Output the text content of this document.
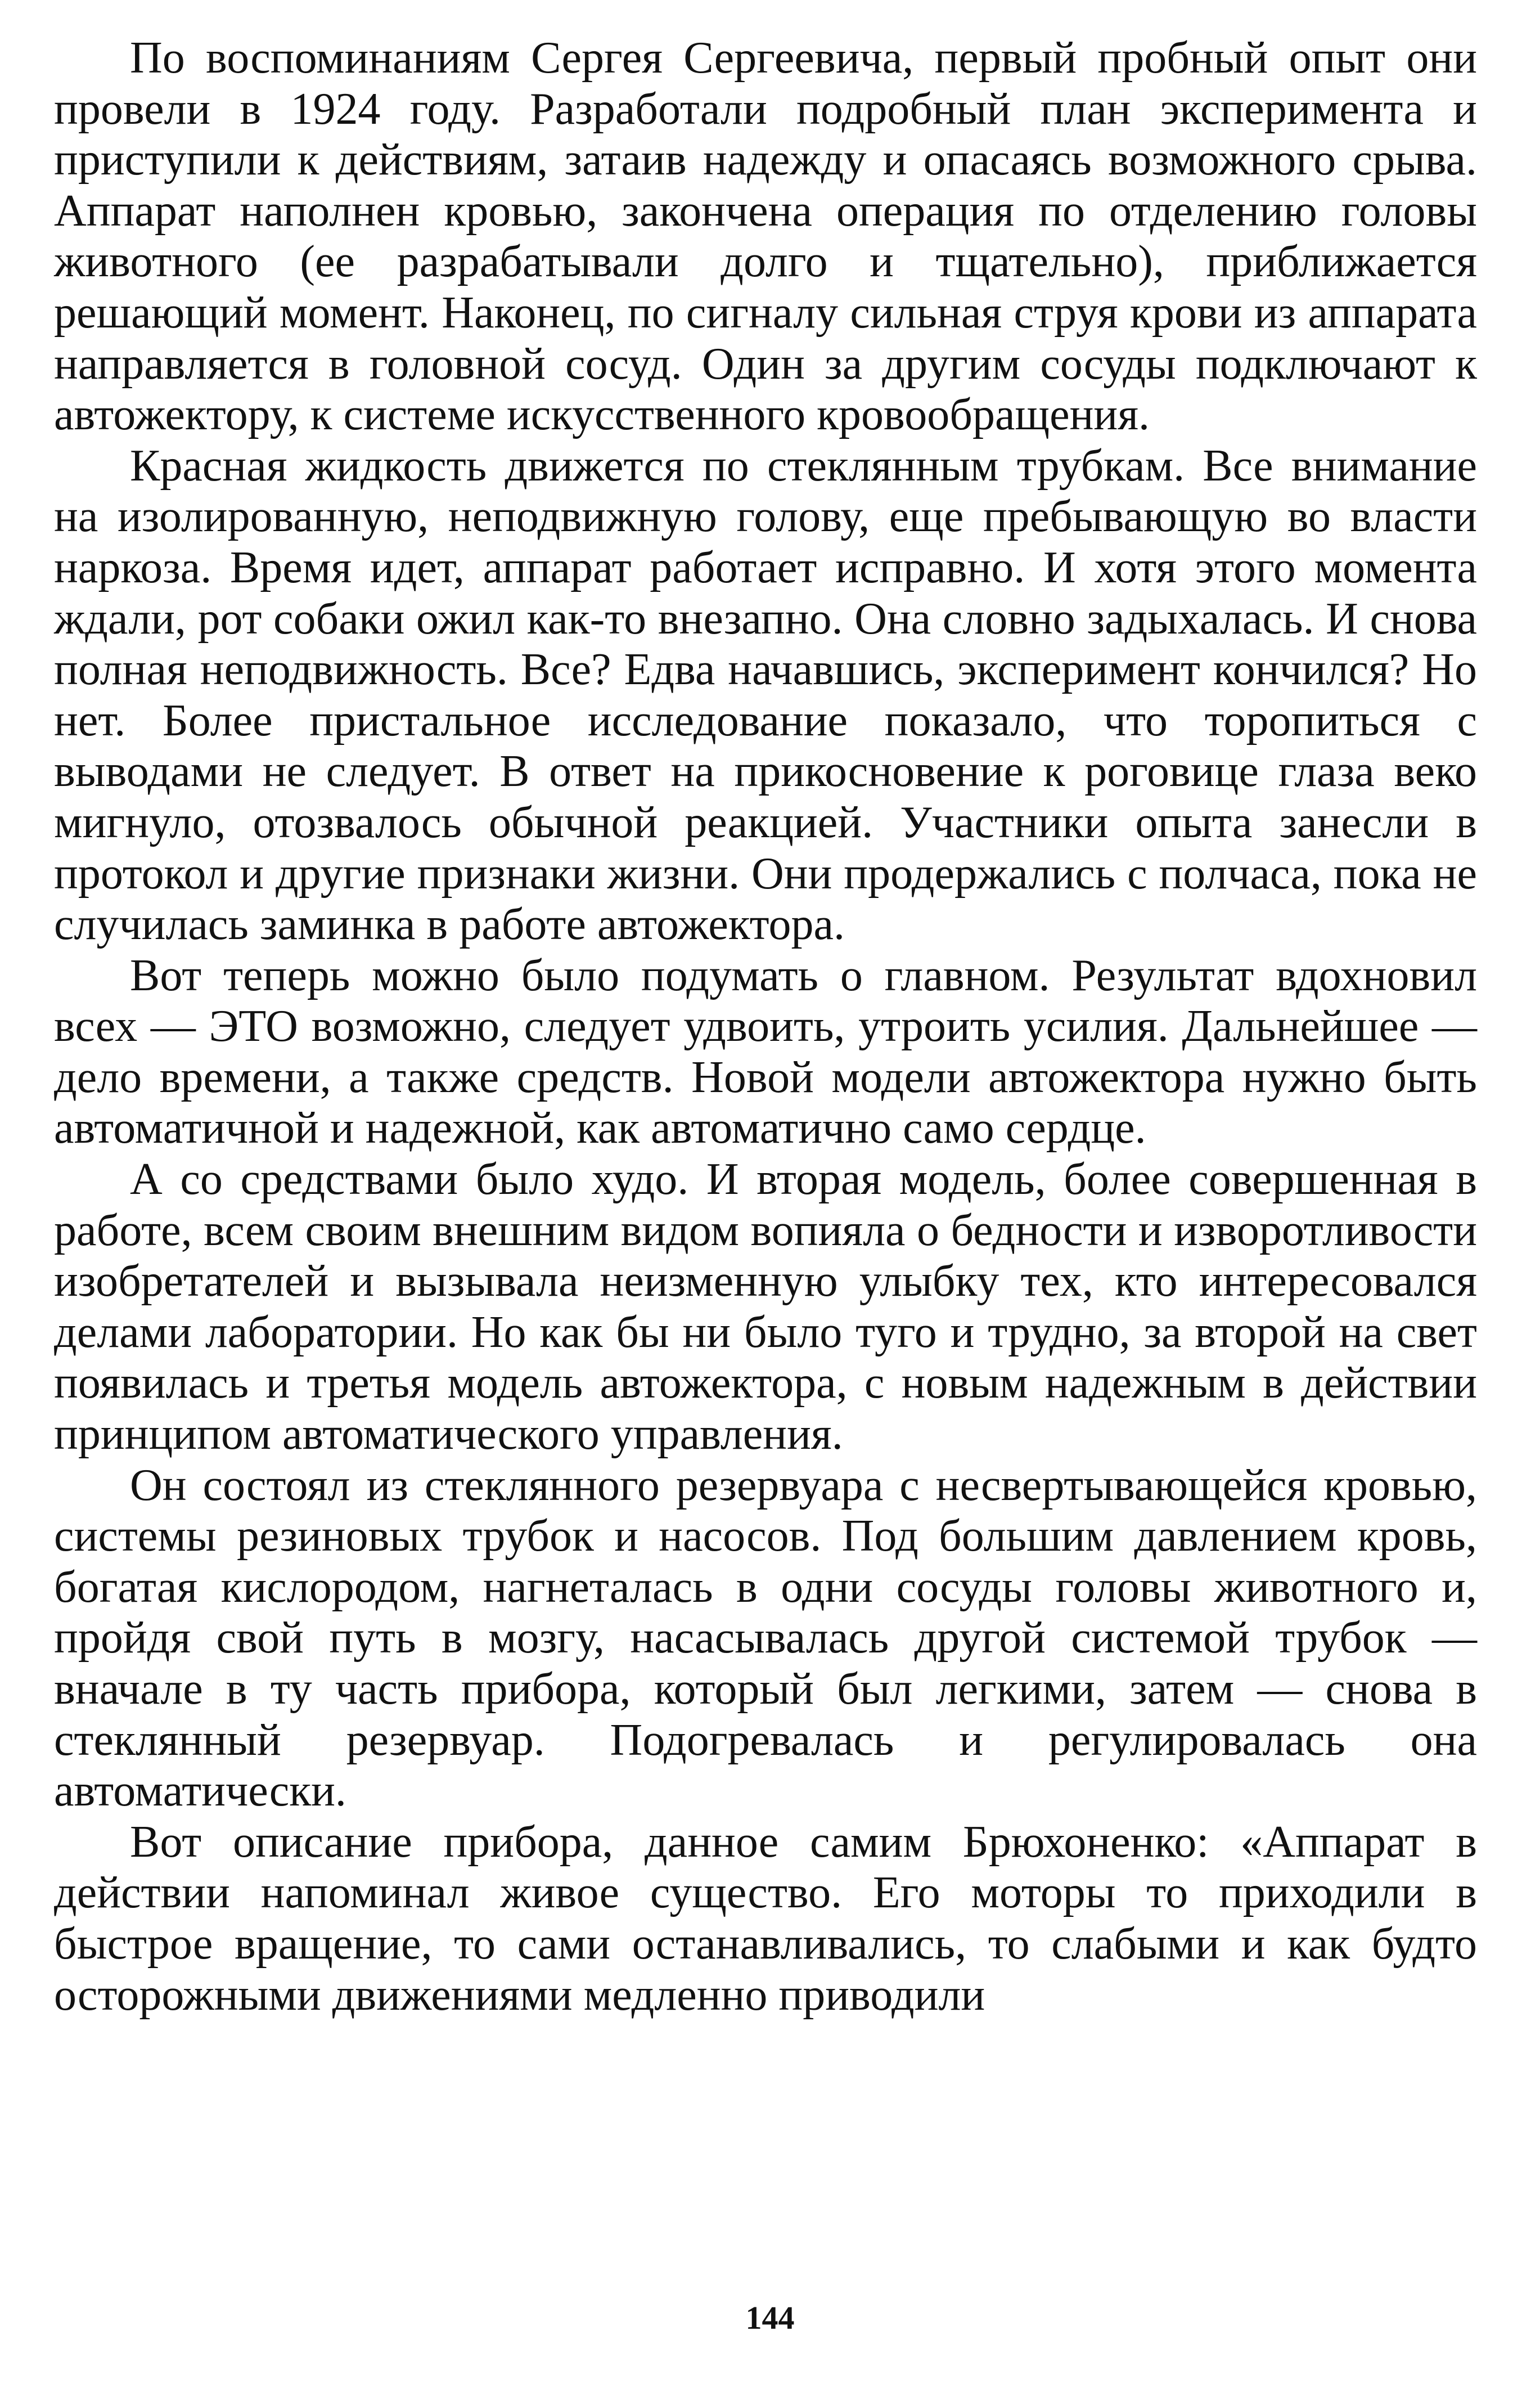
По воспоминаниям Сергея Сергеевича, первый пробный опыт они провели в 1924 году. Разработали подробный план эксперимента и приступили к действиям, затаив надежду и опасаясь возможного срыва. Аппарат наполнен кровью, закончена операция по отделению головы животного (ее разрабатывали долго и тщательно), приближается решающий момент. Наконец, по сигналу сильная струя крови из аппарата направляется в головной сосуд. Один за другим сосуды подключают к автожектору, к системе искусственного кровообращения.

Красная жидкость движется по стеклянным трубкам. Все внимание на изолированную, неподвижную голову, еще пребывающую во власти наркоза. Время идет, аппарат работает исправно. И хотя этого момента ждали, рот собаки ожил как-то внезапно. Она словно задыхалась. И снова полная неподвижность. Все? Едва начавшись, эксперимент кончился? Но нет. Более пристальное исследование показало, что торопиться с выводами не следует. В ответ на прикосновение к роговице глаза веко мигнуло, отозвалось обычной реакцией. Участники опыта занесли в протокол и другие признаки жизни. Они продержались с полчаса, пока не случилась заминка в работе автожектора.

Вот теперь можно было подумать о главном. Результат вдохновил всех — ЭТО возможно, следует удвоить, утроить усилия. Дальнейшее — дело времени, а также средств. Новой модели автожектора нужно быть автоматичной и надежной, как автоматично само сердце.

А со средствами было худо. И вторая модель, более совершенная в работе, всем своим внешним видом вопияла о бедности и изворотливости изобретателей и вызывала неизменную улыбку тех, кто интересовался делами лаборатории. Но как бы ни было туго и трудно, за второй на свет появилась и третья модель автожектора, с новым надежным в действии принципом автоматического управления.

Он состоял из стеклянного резервуара с несвертывающейся кровью, системы резиновых трубок и насосов. Под большим давлением кровь, богатая кислородом, нагнеталась в одни сосуды головы животного и, пройдя свой путь в мозгу, насасывалась другой системой трубок — вначале в ту часть прибора, который был легкими, затем — снова в стеклянный резервуар. Подогревалась и регулировалась она автоматически.

Вот описание прибора, данное самим Брюхоненко: «Аппарат в действии напоминал живое существо. Его моторы то приходили в быстрое вращение, то сами останавливались, то слабыми и как будто осторожными движениями медленно приводили

144
